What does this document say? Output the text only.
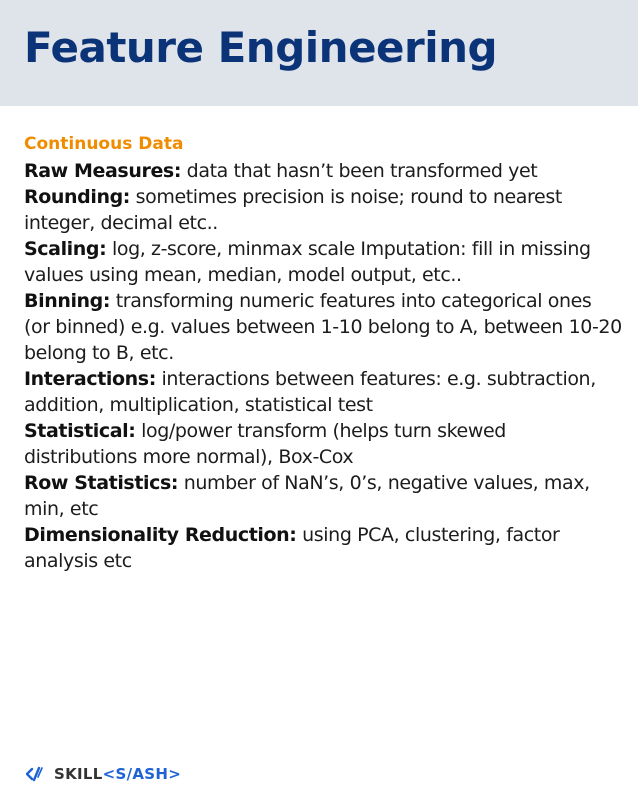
Feature Engineering
Continuous Data
Raw Measures: data that hasn’t been transformed yet
Rounding: sometimes precision is noise; round to nearest integer, decimal etc..
Scaling: log, z-score, minmax scale Imputation: fill in missing values using mean, median, model output, etc..
Binning: transforming numeric features into categorical ones (or binned) e.g. values between 1-10 belong to A, between 10-20 belong to B, etc.
Interactions: interactions between features: e.g. subtraction, addition, multiplication, statistical test
Statistical: log/power transform (helps turn skewed distributions more normal), Box-Cox
Row Statistics: number of NaN’s, 0’s, negative values, max, min, etc
Dimensionality Reduction: using PCA, clustering, factor analysis etc
SKILL<S/ASH>
